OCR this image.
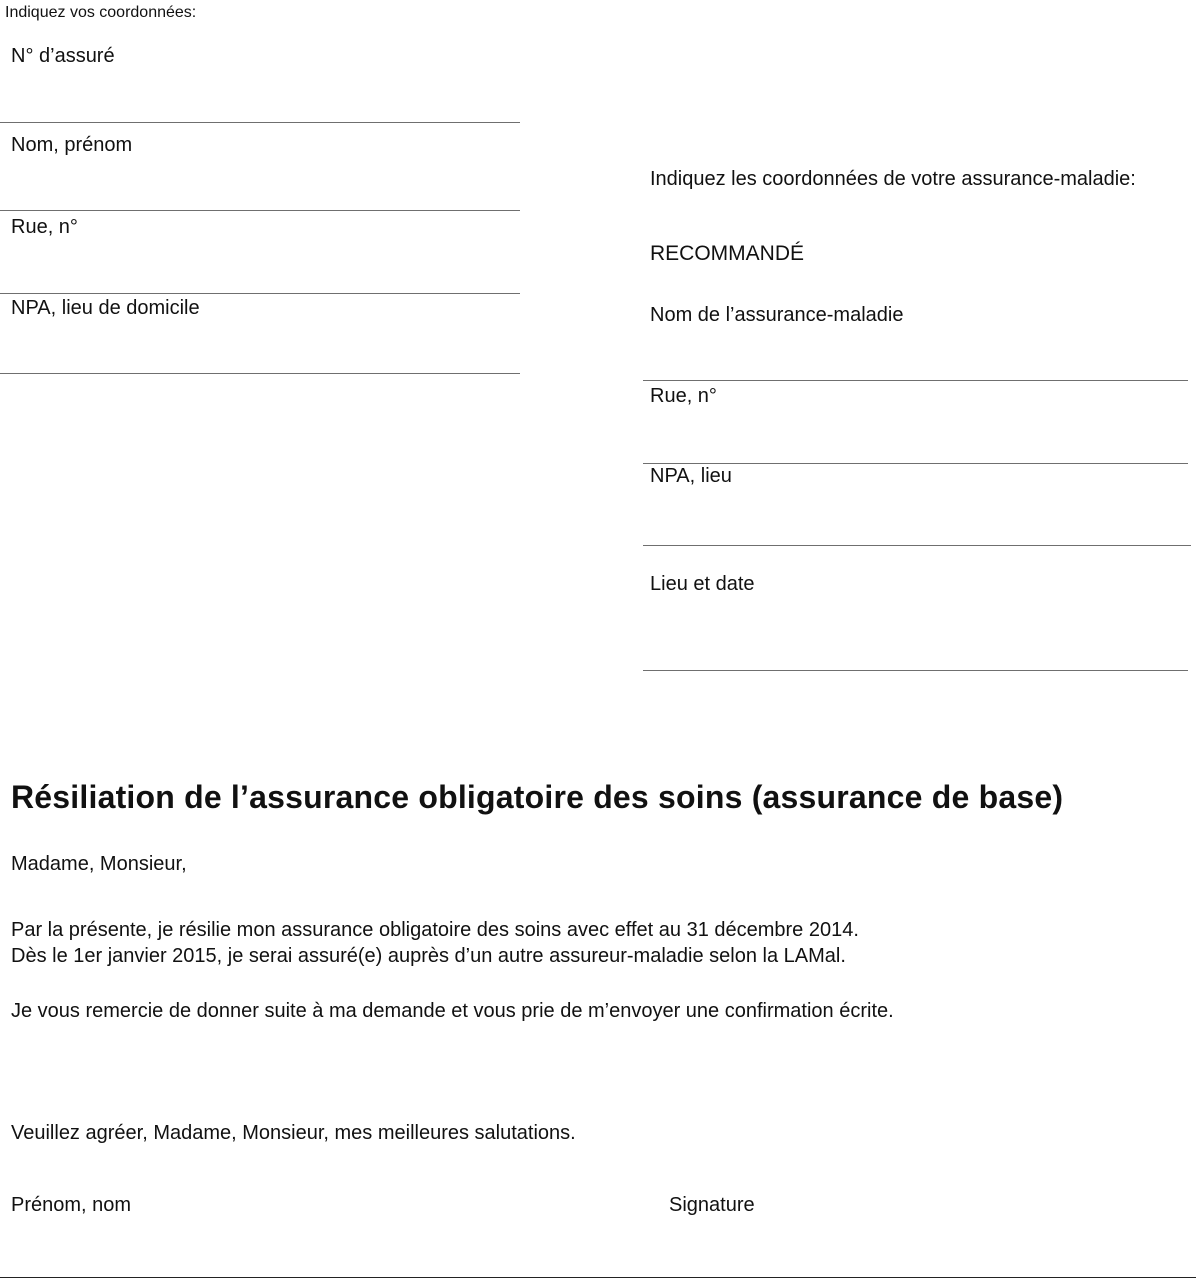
Indiquez vos coordonnées:
N° d’assuré
Nom, prénom
Rue, n°
NPA, lieu de domicile
Indiquez les coordonnées de votre assurance-maladie:
RECOMMANDÉ
Nom de l’assurance-maladie
Rue, n°
NPA, lieu
Lieu et date
Résiliation de l’assurance obligatoire des soins (assurance de base)
Madame, Monsieur,
Par la présente, je résilie mon assurance obligatoire des soins avec effet au 31 décembre 2014.
Dès le 1er janvier 2015, je serai assuré(e) auprès d’un autre assureur-maladie selon la LAMal.
Je vous remercie de donner suite à ma demande et vous prie de m’envoyer une confirmation écrite.
Veuillez agréer, Madame, Monsieur, mes meilleures salutations.
Prénom, nom	Signature
